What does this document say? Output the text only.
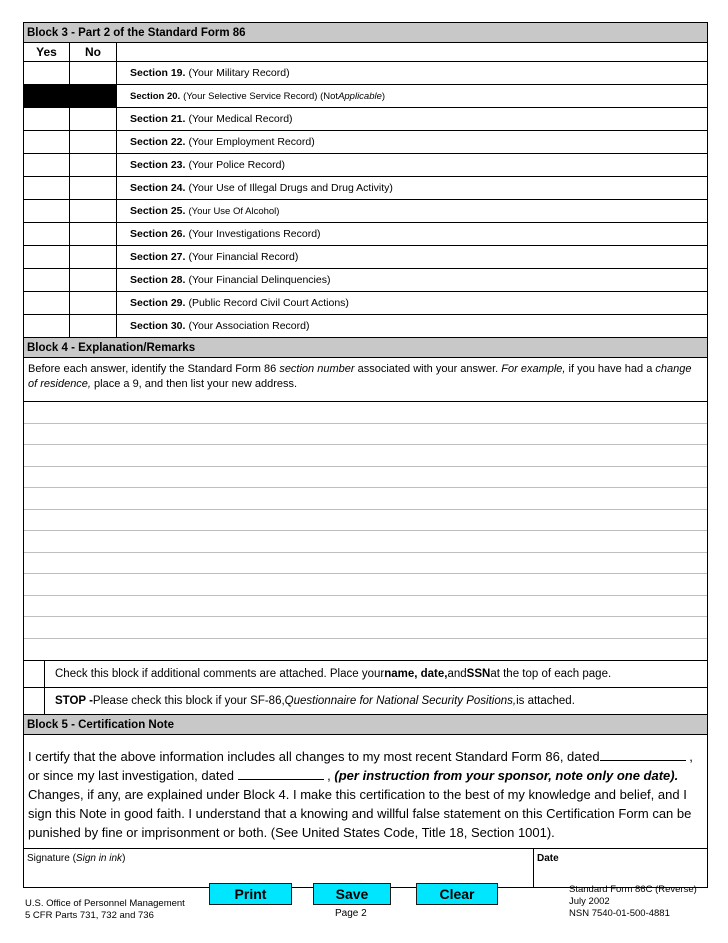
Block 3 - Part 2 of the Standard Form 86
Yes	No
Section 19. (Your Military Record)
Section 20. (Your Selective Service Record) (Not Applicable )
Section 21. (Your Medical Record)
Section 22. (Your Employment Record)
Section 23. (Your Police Record)
Section 24. (Your Use of Illegal Drugs and Drug Activity)
Section 25. (Your Use Of Alcohol)
Section 26. (Your Investigations Record)
Section 27. (Your Financial Record)
Section 28. (Your Financial Delinquencies)
Section 29. (Public Record Civil Court Actions)
Section 30. (Your Association Record)
Block 4 - Explanation/Remarks
Before each answer, identify the Standard Form 86 section number associated with your answer. For example, if you have had a change of residence, place a 9, and then list your new address.
Check this block if additional comments are attached. Place your name, date, and SSN at the top of each page.
STOP - Please check this block if your SF-86, Questionnaire for National Security Positions, is attached.
Block 5 - Certification Note
I certify that the above information includes all changes to my most recent Standard Form 86, dated	,
or since my last investigation, dated	, (per instruction from your sponsor, note only one date).
Changes, if any, are explained under Block 4. I make this certification to the best of my knowledge and belief, and I sign this Note in good faith. I understand that a knowing and willful false statement on this Certification Form can be punished by fine or imprisonment or both. (See United States Code, Title 18, Section 1001).
Signature (Sign in ink)	Date
U.S. Office of Personnel Management
5 CFR Parts 731, 732 and 736
Print	Save	Clear
Page 2
Standard Form 86C (Reverse)
July 2002
NSN 7540-01-500-4881
